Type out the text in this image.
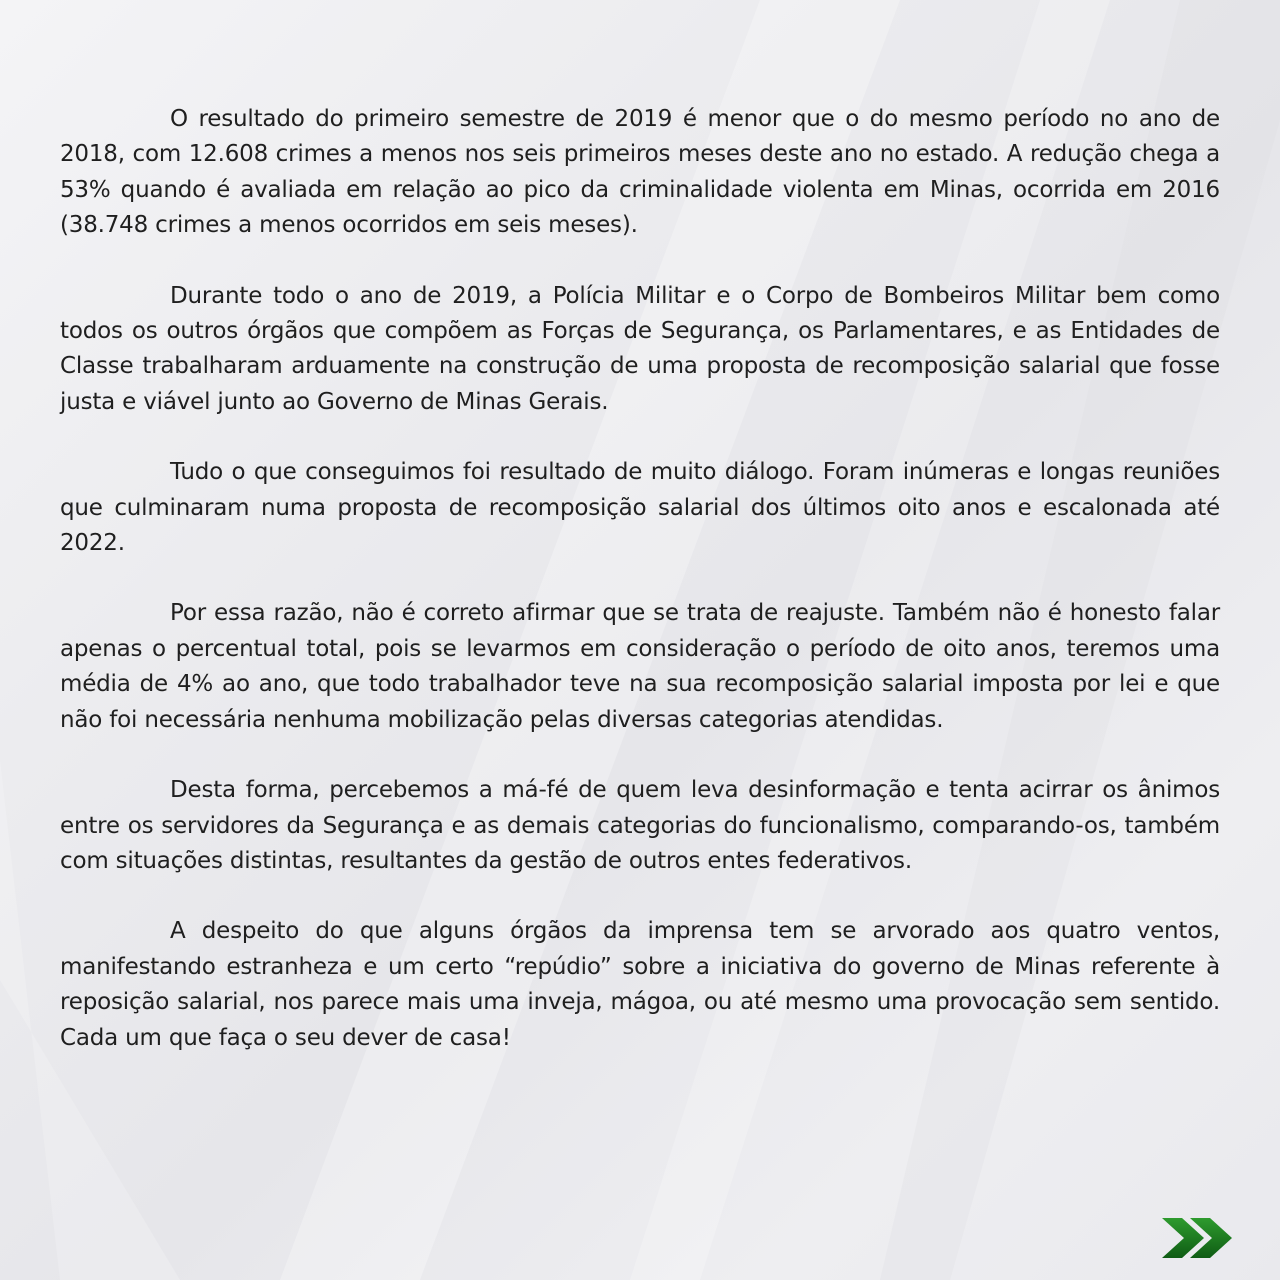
O resultado do primeiro semestre de 2019 é menor que o do mesmo período no ano de 2018, com 12.608 crimes a menos nos seis primeiros meses deste ano no estado. A redução chega a 53% quando é avaliada em relação ao pico da criminalidade violenta em Minas, ocorrida em 2016 (38.748 crimes a menos ocorridos em seis meses).

Durante todo o ano de 2019, a Polícia Militar e o Corpo de Bombeiros Militar bem como todos os outros órgãos que compõem as Forças de Segurança, os Parlamentares, e as Entidades de Classe trabalharam arduamente na construção de uma proposta de recomposição salarial que fosse justa e viável junto ao Governo de Minas Gerais.

Tudo o que conseguimos foi resultado de muito diálogo. Foram inúmeras e longas reuniões que culminaram numa proposta de recomposição salarial dos últimos oito anos e escalonada até 2022.

Por essa razão, não é correto afirmar que se trata de reajuste. Também não é honesto falar apenas o percentual total, pois se levarmos em consideração o período de oito anos, teremos uma média de 4% ao ano, que todo trabalhador teve na sua recomposição salarial imposta por lei e que não foi necessária nenhuma mobilização pelas diversas categorias atendidas.

Desta forma, percebemos a má-fé de quem leva desinformação e tenta acirrar os ânimos entre os servidores da Segurança e as demais categorias do funcionalismo, comparando-os, também com situações distintas, resultantes da gestão de outros entes federativos.

A despeito do que alguns órgãos da imprensa tem se arvorado aos quatro ventos, manifestando estranheza e um certo “repúdio” sobre a iniciativa do governo de Minas referente à reposição salarial, nos parece mais uma inveja, mágoa, ou até mesmo uma provocação sem sentido. Cada um que faça o seu dever de casa!
